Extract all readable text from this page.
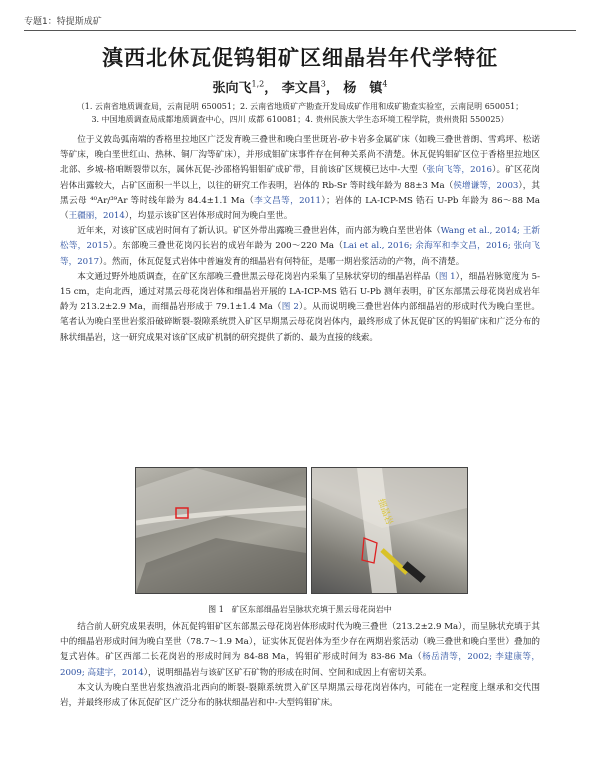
专题1：特提斯成矿
滇西北休瓦促钨钼矿区细晶岩年代学特征
张向飞$^{1,2}$， 李文昌$^3$， 杨　镇$^4$
（1. 云南省地质调查局，云南昆明 650051；2. 云南省地质矿产勘查开发局成矿作用和成矿勘查实验室，云南昆明 650051；
3. 中国地质调查局成都地质调查中心，四川 成都 610081；4. 贵州民族大学生态环境工程学院，贵州贵阳 550025）

位于义敦岛弧南端的香格里拉地区广泛发育晚三叠世和晚白垩世斑岩-矽卡岩多金属矿床（如晚三叠世普朗、雪鸡坪、松诺等矿床，晚白垩世红山、热林、铜厂沟等矿床），并形成钼矿床事件存在何种关系尚不清楚。休瓦促钨钼矿区位于香格里拉地区北部、乡城-格咱断裂带以东，属休瓦促-沙邵格钨钼钼矿成矿带，目前该矿区规模已达中-大型（张向飞等，2016）。矿区花岗岩体出露较大，占矿区面积一半以上，以往的研究工作表明，岩体的 Rb-Sr 等时线年龄为 88±3 Ma（侯增谦等，2003），其黑云母 ⁴⁰Ar/³⁹Ar 等时线年龄为 84.4±1.1 Ma（李文昌等，2011）；岩体的 LA-ICP-MS 锆石 U-Pb 年龄为 86～88 Ma（王疆丽，2014），均显示该矿区岩体形成时间为晚白垩世。

近年来，对该矿区成岩时间有了新认识。矿区外带出露晚三叠世岩体，而内部为晚白垩世岩体（Wang et al., 2014; 王新松等，2015）。东部晚三叠世花岗闪长岩的成岩年龄为 200～220 Ma（Lai et al., 2016; 余海军和李文昌，2016; 张向飞等，2017）。然而，休瓦促复式岩体中普遍发育的细晶岩有何特征，是哪一期岩浆活动的产物，尚不清楚。

本文通过野外地质调查，在矿区东部晚三叠世黑云母花岗岩内采集了呈脉状穿切的细晶岩样品（图 1），细晶岩脉宽度为 5-15 cm，走向北西，通过对黑云母花岗岩体和细晶岩开展的 LA-ICP-MS 锆石 U-Pb 测年表明，矿区东部黑云母花岗岩成岩年龄为 213.2±2.9 Ma，而细晶岩形成于 79.1±1.4 Ma（图 2）。从而说明晚三叠世岩体内部细晶岩的形成时代为晚白垩世。笔者认为晚白垩世岩浆沿破碎断裂-裂隙系统贯入矿区早期黑云母花岗岩体内，最终形成了休瓦促矿区的钨钼矿床和广泛分布的脉状细晶岩，这一研究成果对该矿区成矿机制的研究提供了新的、最为直接的线索。

细晶岩
图 1　矿区东部细晶岩呈脉状充填于黑云母花岗岩中

结合前人研究成果表明，休瓦促钨钼矿区东部黑云母花岗岩体形成时代为晚三叠世（213.2±2.9 Ma），而呈脉状充填于其中的细晶岩形成时间为晚白垩世（78.7～1.9 Ma），证实休瓦促岩体为至少存在两期岩浆活动（晚三叠世和晚白垩世）叠加的复式岩体。矿区西部二长花岗岩的形成时间为 84-88 Ma，钨钼矿形成时间为 83-86 Ma（杨岳清等，2002; 李建康等，2009; 高建宇，2014），说明细晶岩与该矿区矿石矿物的形成在时间、空间和成因上有密切关系。

本文认为晚白垩世岩浆热液沿北西向的断裂-裂隙系统贯入矿区早期黑云母花岗岩体内，可能在一定程度上继承和交代围岩，并最终形成了休瓦促矿区广泛分布的脉状细晶岩和中-大型钨钼矿床。
